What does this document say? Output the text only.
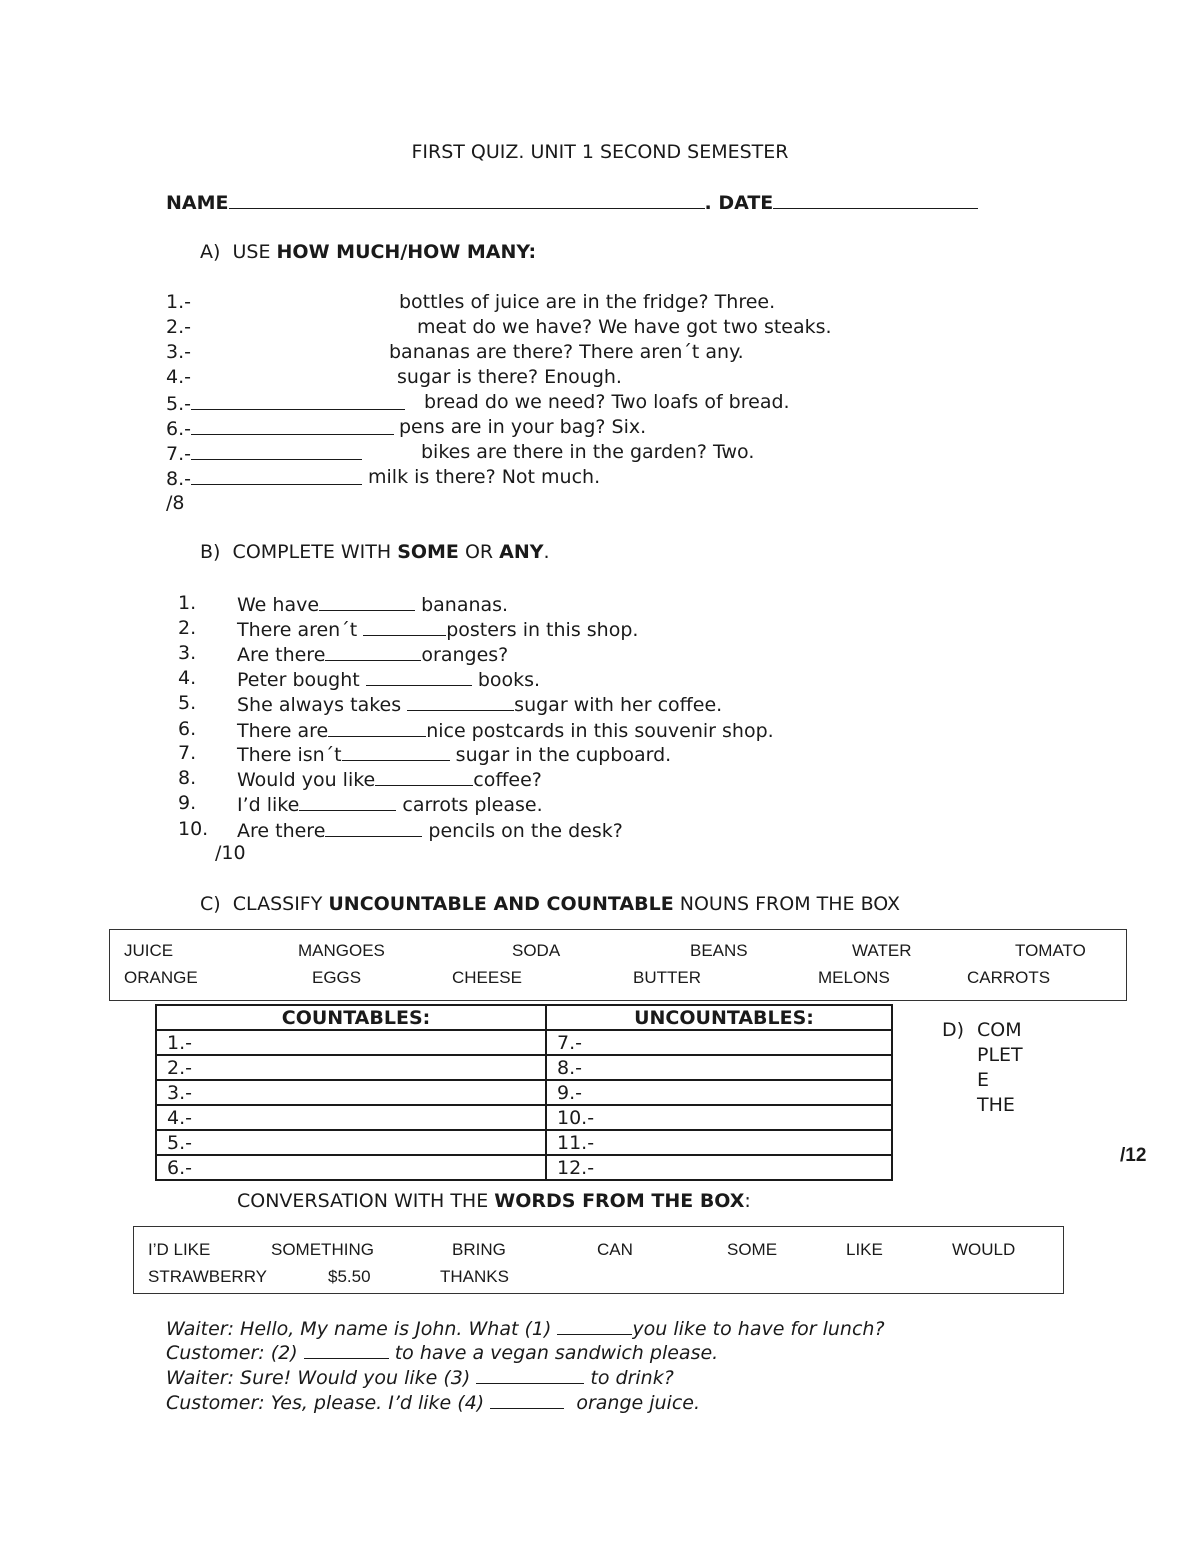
FIRST QUIZ. UNIT 1 SECOND SEMESTER
NAME	. DATE
A) USE HOW MUCH/HOW MANY:
1.-	bottles of juice are in the fridge? Three.
2.-	meat do we have? We have got two steaks.
3.-	bananas are there? There aren´t any.
4.-	sugar is there? Enough.
5.-	bread do we need? Two loafs of bread.
6.-	pens are in your bag? Six.
7.-	bikes are there in the garden? Two.
8.-	milk is there? Not much.
/8
B) COMPLETE WITH SOME OR ANY.
1. We have	bananas.
2. There aren´t	posters in this shop.
3. Are there	oranges?
4. Peter bought	books.
5. She always takes	sugar with her coffee.
6. There are	nice postcards in this souvenir shop.
7. There isn´t	sugar in the cupboard.
8. Would you like	coffee?
9. I’d like	carrots please.
10. Are there	pencils on the desk?
/10
C) CLASSIFY UNCOUNTABLE AND COUNTABLE NOUNS FROM THE BOX
JUICE	MANGOES	SODA	BEANS	WATER	TOMATO
ORANGE	EGGS	CHEESE	BUTTER	MELONS	CARROTS
COUNTABLES:	UNCOUNTABLES:
1.-	7.-
2.-	8.-
3.-	9.-
4.-	10.-
5.-	11.-
6.-	12.-
D) COM
PLET
E
THE
/12
CONVERSATION WITH THE WORDS FROM THE BOX:
I’D LIKE	SOMETHING	BRING	CAN	SOME	LIKE	WOULD
STRAWBERRY	$5.50	THANKS
Waiter: Hello, My name is John. What (1)	you like to have for lunch?
Customer: (2)	to have a vegan sandwich please.
Waiter: Sure! Would you like (3)	to drink?
Customer: Yes, please. I’d like (4)	orange juice.
